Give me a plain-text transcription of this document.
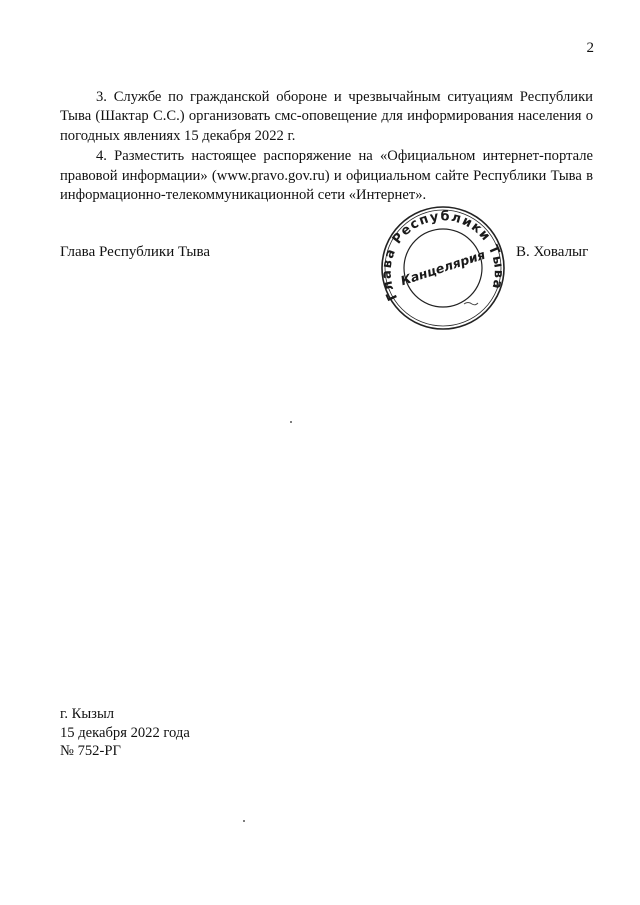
2

3. Службе по гражданской обороне и чрезвычайным ситуациям Республики Тыва (Шактар С.С.) организовать смс-оповещение для информирования населения о погодных явлениях 15 декабря 2022 г.

4. Разместить настоящее распоряжение на «Официальном интернет-портале правовой информации» (www.pravo.gov.ru) и официальном сайте Республики Тыва в информационно-телекоммуникационной сети «Интернет».

Глава Республики Тыва	В. Ховалыг
Глава Республики Тыва
Канцелярия
г. Кызыл
15 декабря 2022 года
№ 752-РГ
